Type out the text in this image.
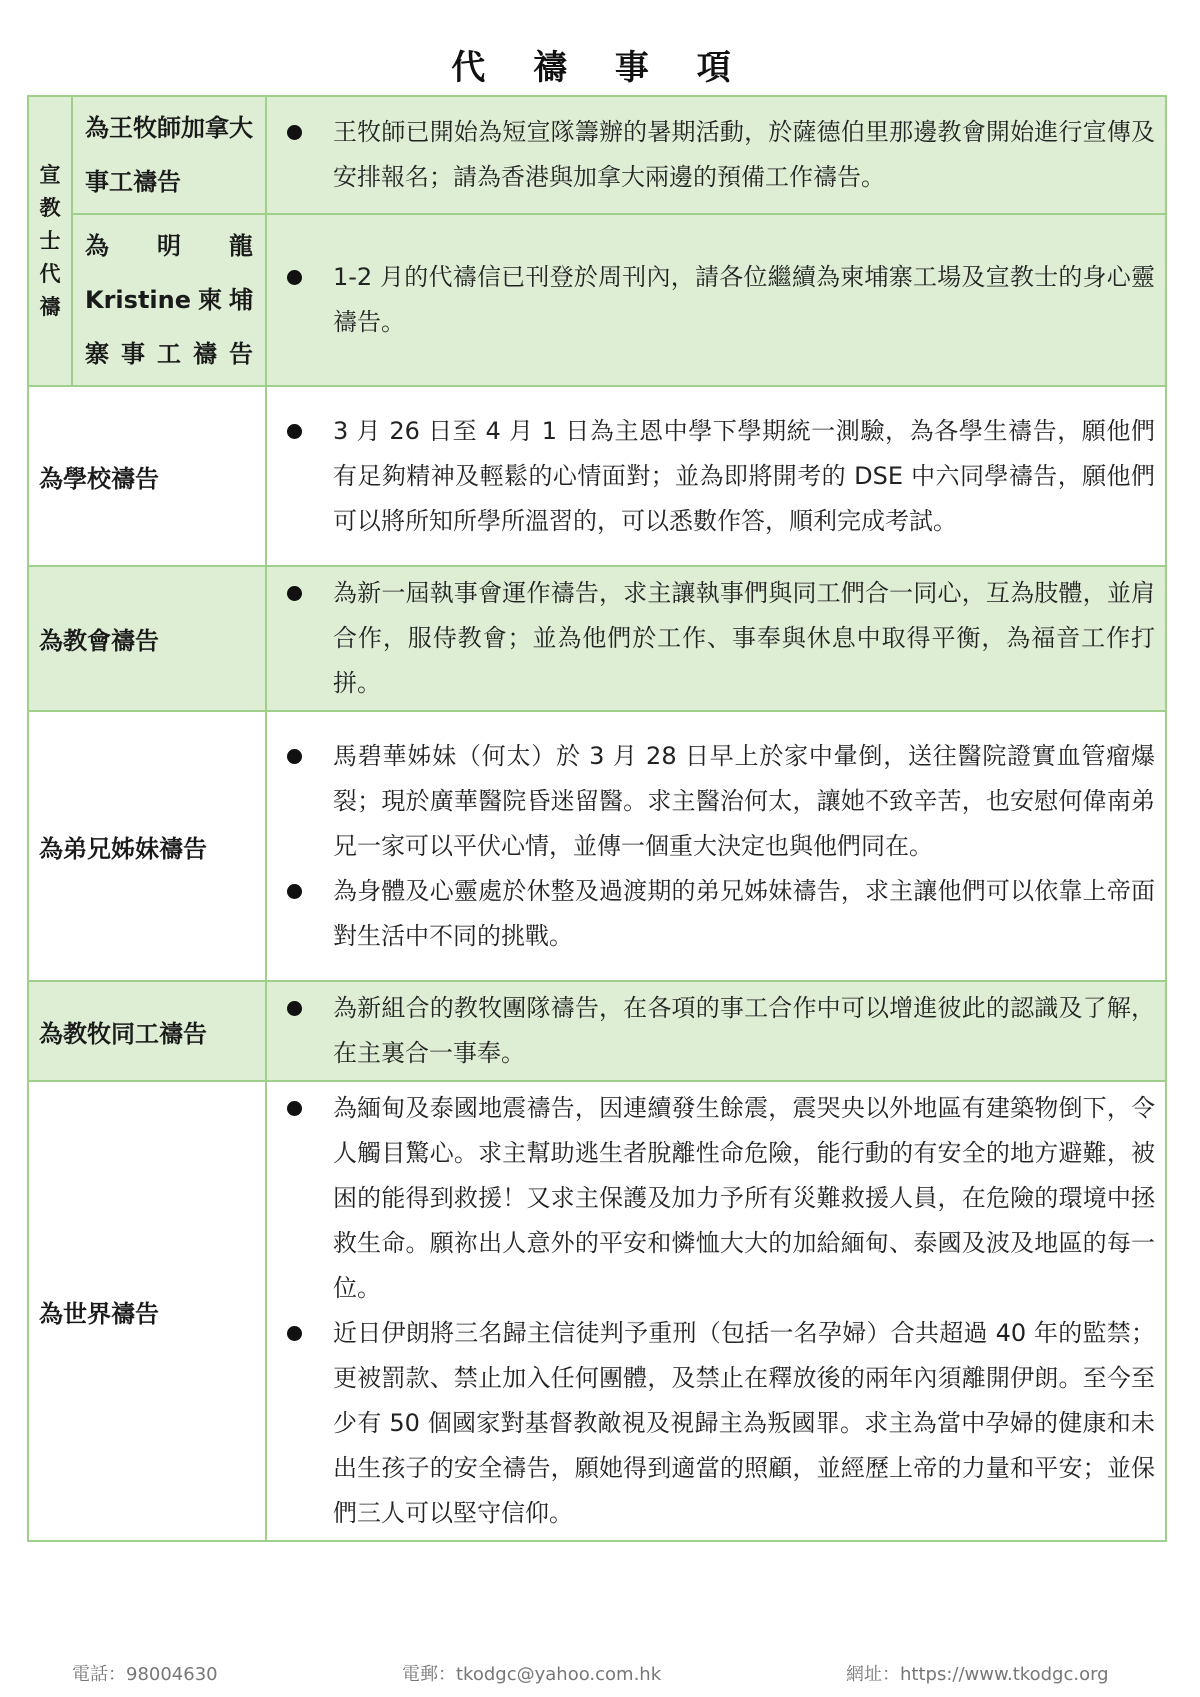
代 禱 事 項
宣
教
士
代
禱	為王牧師加拿大事工禱告	王牧師已開始為短宣隊籌辦的暑期活動，於薩德伯里那邊教會開始進行宣傳及安排報名；請為香港與加拿大兩邊的預備工作禱告。

	為明龍Kristine柬埔寨事工禱告	1-2 月的代禱信已刊登於周刊內，請各位繼續為柬埔寨工場及宣教士的身心靈禱告。

為學校禱告		3 月 26 日至 4 月 1 日為主恩中學下學期統一測驗，為各學生禱告，願他們有足夠精神及輕鬆的心情面對；並為即將開考的 DSE 中六同學禱告，願他們可以將所知所學所溫習的，可以悉數作答，順利完成考試。

為教會禱告		為新一屆執事會運作禱告，求主讓執事們與同工們合一同心，互為肢體，並肩合作，服侍教會；並為他們於工作、事奉與休息中取得平衡，為福音工作打拼。

為弟兄姊妹禱告		馬碧華姊妹（何太）於 3 月 28 日早上於家中暈倒，送往醫院證實血管瘤爆裂；現於廣華醫院昏迷留醫。求主醫治何太，讓她不致辛苦，也安慰何偉南弟兄一家可以平伏心情，並傳一個重大決定也與他們同在。
為身體及心靈處於休整及過渡期的弟兄姊妹禱告，求主讓他們可以依靠上帝面對生活中不同的挑戰。

為教牧同工禱告		為新組合的教牧團隊禱告，在各項的事工合作中可以增進彼此的認識及了解，在主裏合一事奉。

為世界禱告		為緬甸及泰國地震禱告，因連續發生餘震，震哭央以外地區有建築物倒下，令人觸目驚心。求主幫助逃生者脫離性命危險，能行動的有安全的地方避難，被困的能得到救援！又求主保護及加力予所有災難救援人員，在危險的環境中拯救生命。願祢出人意外的平安和憐恤大大的加給緬甸、泰國及波及地區的每一位。
近日伊朗將三名歸主信徒判予重刑（包括一名孕婦）合共超過 40 年的監禁；更被罰款、禁止加入任何團體，及禁止在釋放後的兩年內須離開伊朗。至今至少有 50 個國家對基督教敵視及視歸主為叛國罪。求主為當中孕婦的健康和未出生孩子的安全禱告，願她得到適當的照顧，並經歷上帝的力量和平安；並保們三人可以堅守信仰。
電話：98004630	電郵：tkodgc@yahoo.com.hk	網址：https://www.tkodgc.org
